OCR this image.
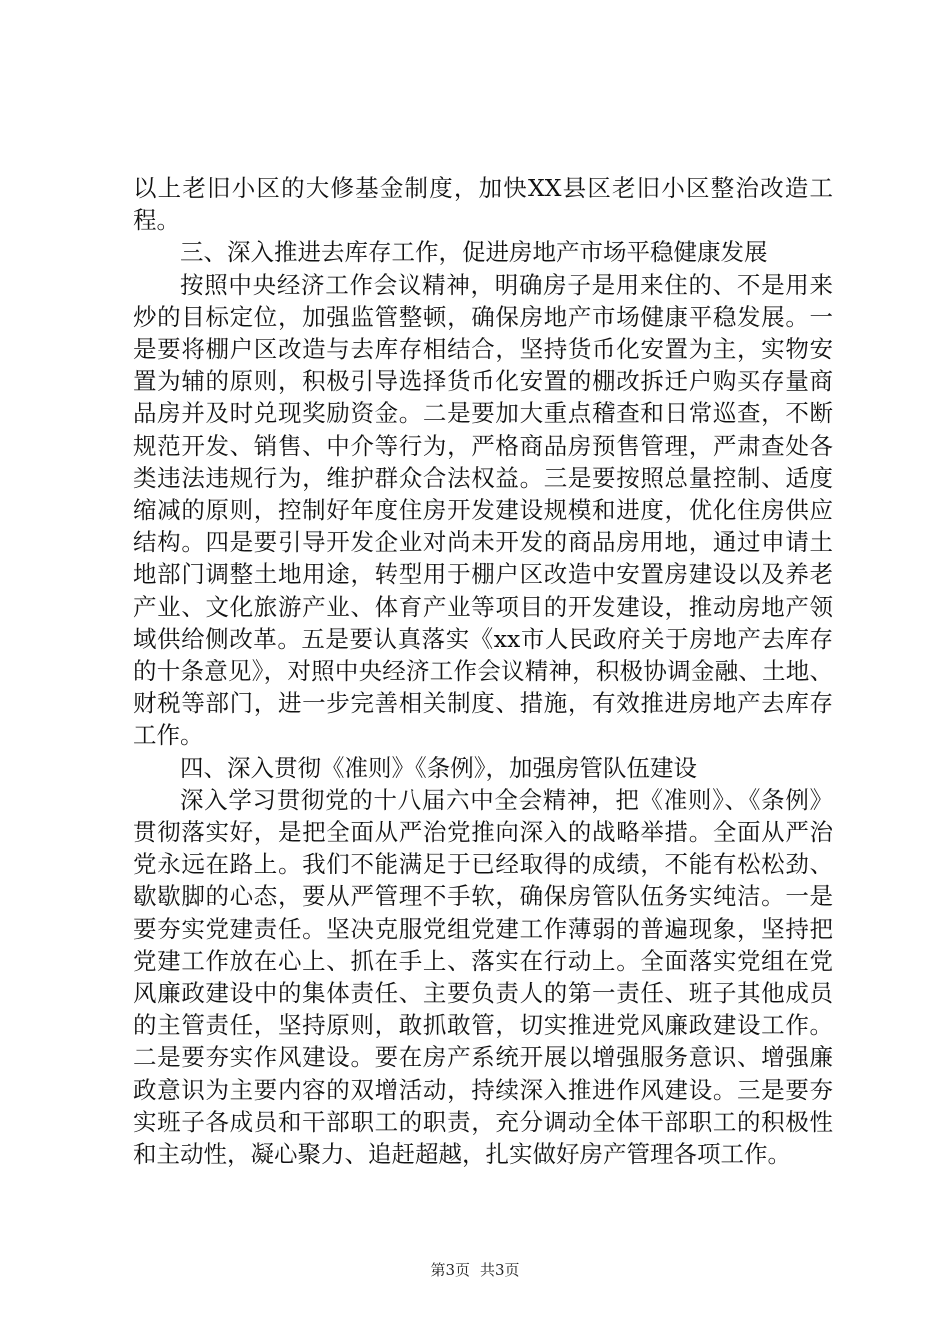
以上老旧小区的大修基金制度，加快XX县区老旧小区整治改造工程。

三、深入推进去库存工作，促进房地产市场平稳健康发展

按照中央经济工作会议精神，明确房子是用来住的、不是用来炒的目标定位，加强监管整顿，确保房地产市场健康平稳发展。一是要将棚户区改造与去库存相结合，坚持货币化安置为主，实物安置为辅的原则，积极引导选择货币化安置的棚改拆迁户购买存量商品房并及时兑现奖励资金。二是要加大重点稽查和日常巡查，不断规范开发、销售、中介等行为，严格商品房预售管理，严肃查处各类违法违规行为，维护群众合法权益。三是要按照总量控制、适度缩减的原则，控制好年度住房开发建设规模和进度，优化住房供应结构。四是要引导开发企业对尚未开发的商品房用地，通过申请土地部门调整土地用途，转型用于棚户区改造中安置房建设以及养老产业、文化旅游产业、体育产业等项目的开发建设，推动房地产领域供给侧改革。五是要认真落实《xx市人民政府关于房地产去库存的十条意见》，对照中央经济工作会议精神，积极协调金融、土地、财税等部门，进一步完善相关制度、措施，有效推进房地产去库存工作。

四、深入贯彻《准则》《条例》，加强房管队伍建设

深入学习贯彻党的十八届六中全会精神，把《准则》、《条例》贯彻落实好，是把全面从严治党推向深入的战略举措。全面从严治党永远在路上。我们不能满足于已经取得的成绩，不能有松松劲、歇歇脚的心态，要从严管理不手软，确保房管队伍务实纯洁。一是要夯实党建责任。坚决克服党组党建工作薄弱的普遍现象，坚持把党建工作放在心上、抓在手上、落实在行动上。全面落实党组在党风廉政建设中的集体责任、主要负责人的第一责任、班子其他成员的主管责任，坚持原则，敢抓敢管，切实推进党风廉政建设工作。二是要夯实作风建设。要在房产系统开展以增强服务意识、增强廉政意识为主要内容的双增活动，持续深入推进作风建设。三是要夯实班子各成员和干部职工的职责，充分调动全体干部职工的积极性和主动性，凝心聚力、追赶超越，扎实做好房产管理各项工作。

第3页 共3页
